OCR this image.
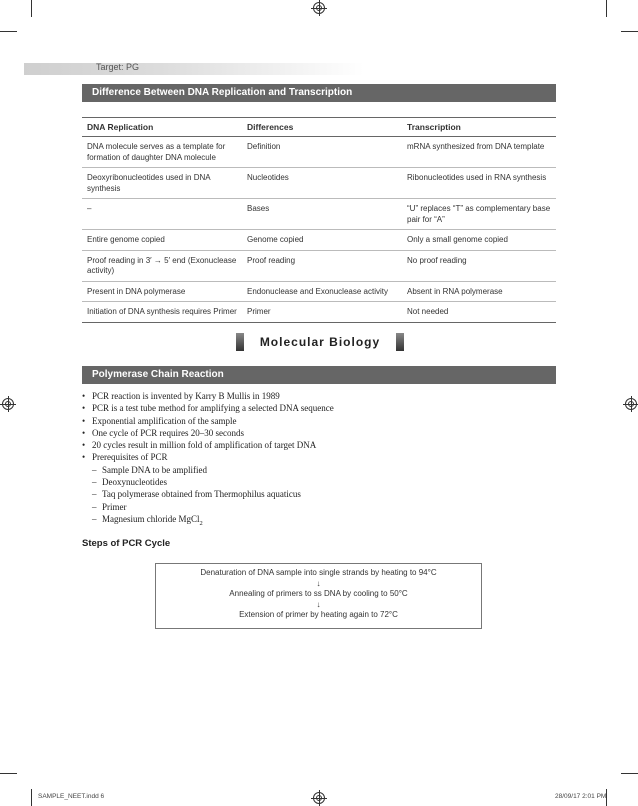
Target: PG
Difference Between DNA Replication and Transcription
DNA Replication	Differences	Transcription
DNA molecule serves as a template for formation of daughter DNA molecule	Definition	mRNA synthesized from DNA template
Deoxyribonucleotides used in DNA synthesis	Nucleotides	Ribonucleotides used in RNA synthesis
–	Bases	“U” replaces “T” as complementary base pair for “A”
Entire genome copied	Genome copied	Only a small genome copied
Proof reading in 3′ → 5′ end (Exonuclease activity)	Proof reading	No proof reading
Present in DNA polymerase	Endonuclease and Exonuclease activity	Absent in RNA polymerase
Initiation of DNA synthesis requires Primer	Primer	Not needed
Molecular Biology
Polymerase Chain Reaction
• PCR reaction is invented by Karry B Mullis in 1989
• PCR is a test tube method for amplifying a selected DNA sequence
• Exponential amplification of the sample
• One cycle of PCR requires 20–30 seconds
• 20 cycles result in million fold of amplification of target DNA
• Prerequisites of PCR
– Sample DNA to be amplified
– Deoxynucleotides
– Taq polymerase obtained from Thermophilus aquaticus
– Primer
– Magnesium chloride MgCl$_2$
Steps of PCR Cycle
Denaturation of DNA sample into single strands by heating to 94°C
↓
Annealing of primers to ss DNA by cooling to 50°C
↓
Extension of primer by heating again to 72°C
SAMPLE_NEET.indd 6	28/09/17 2:01 PM
